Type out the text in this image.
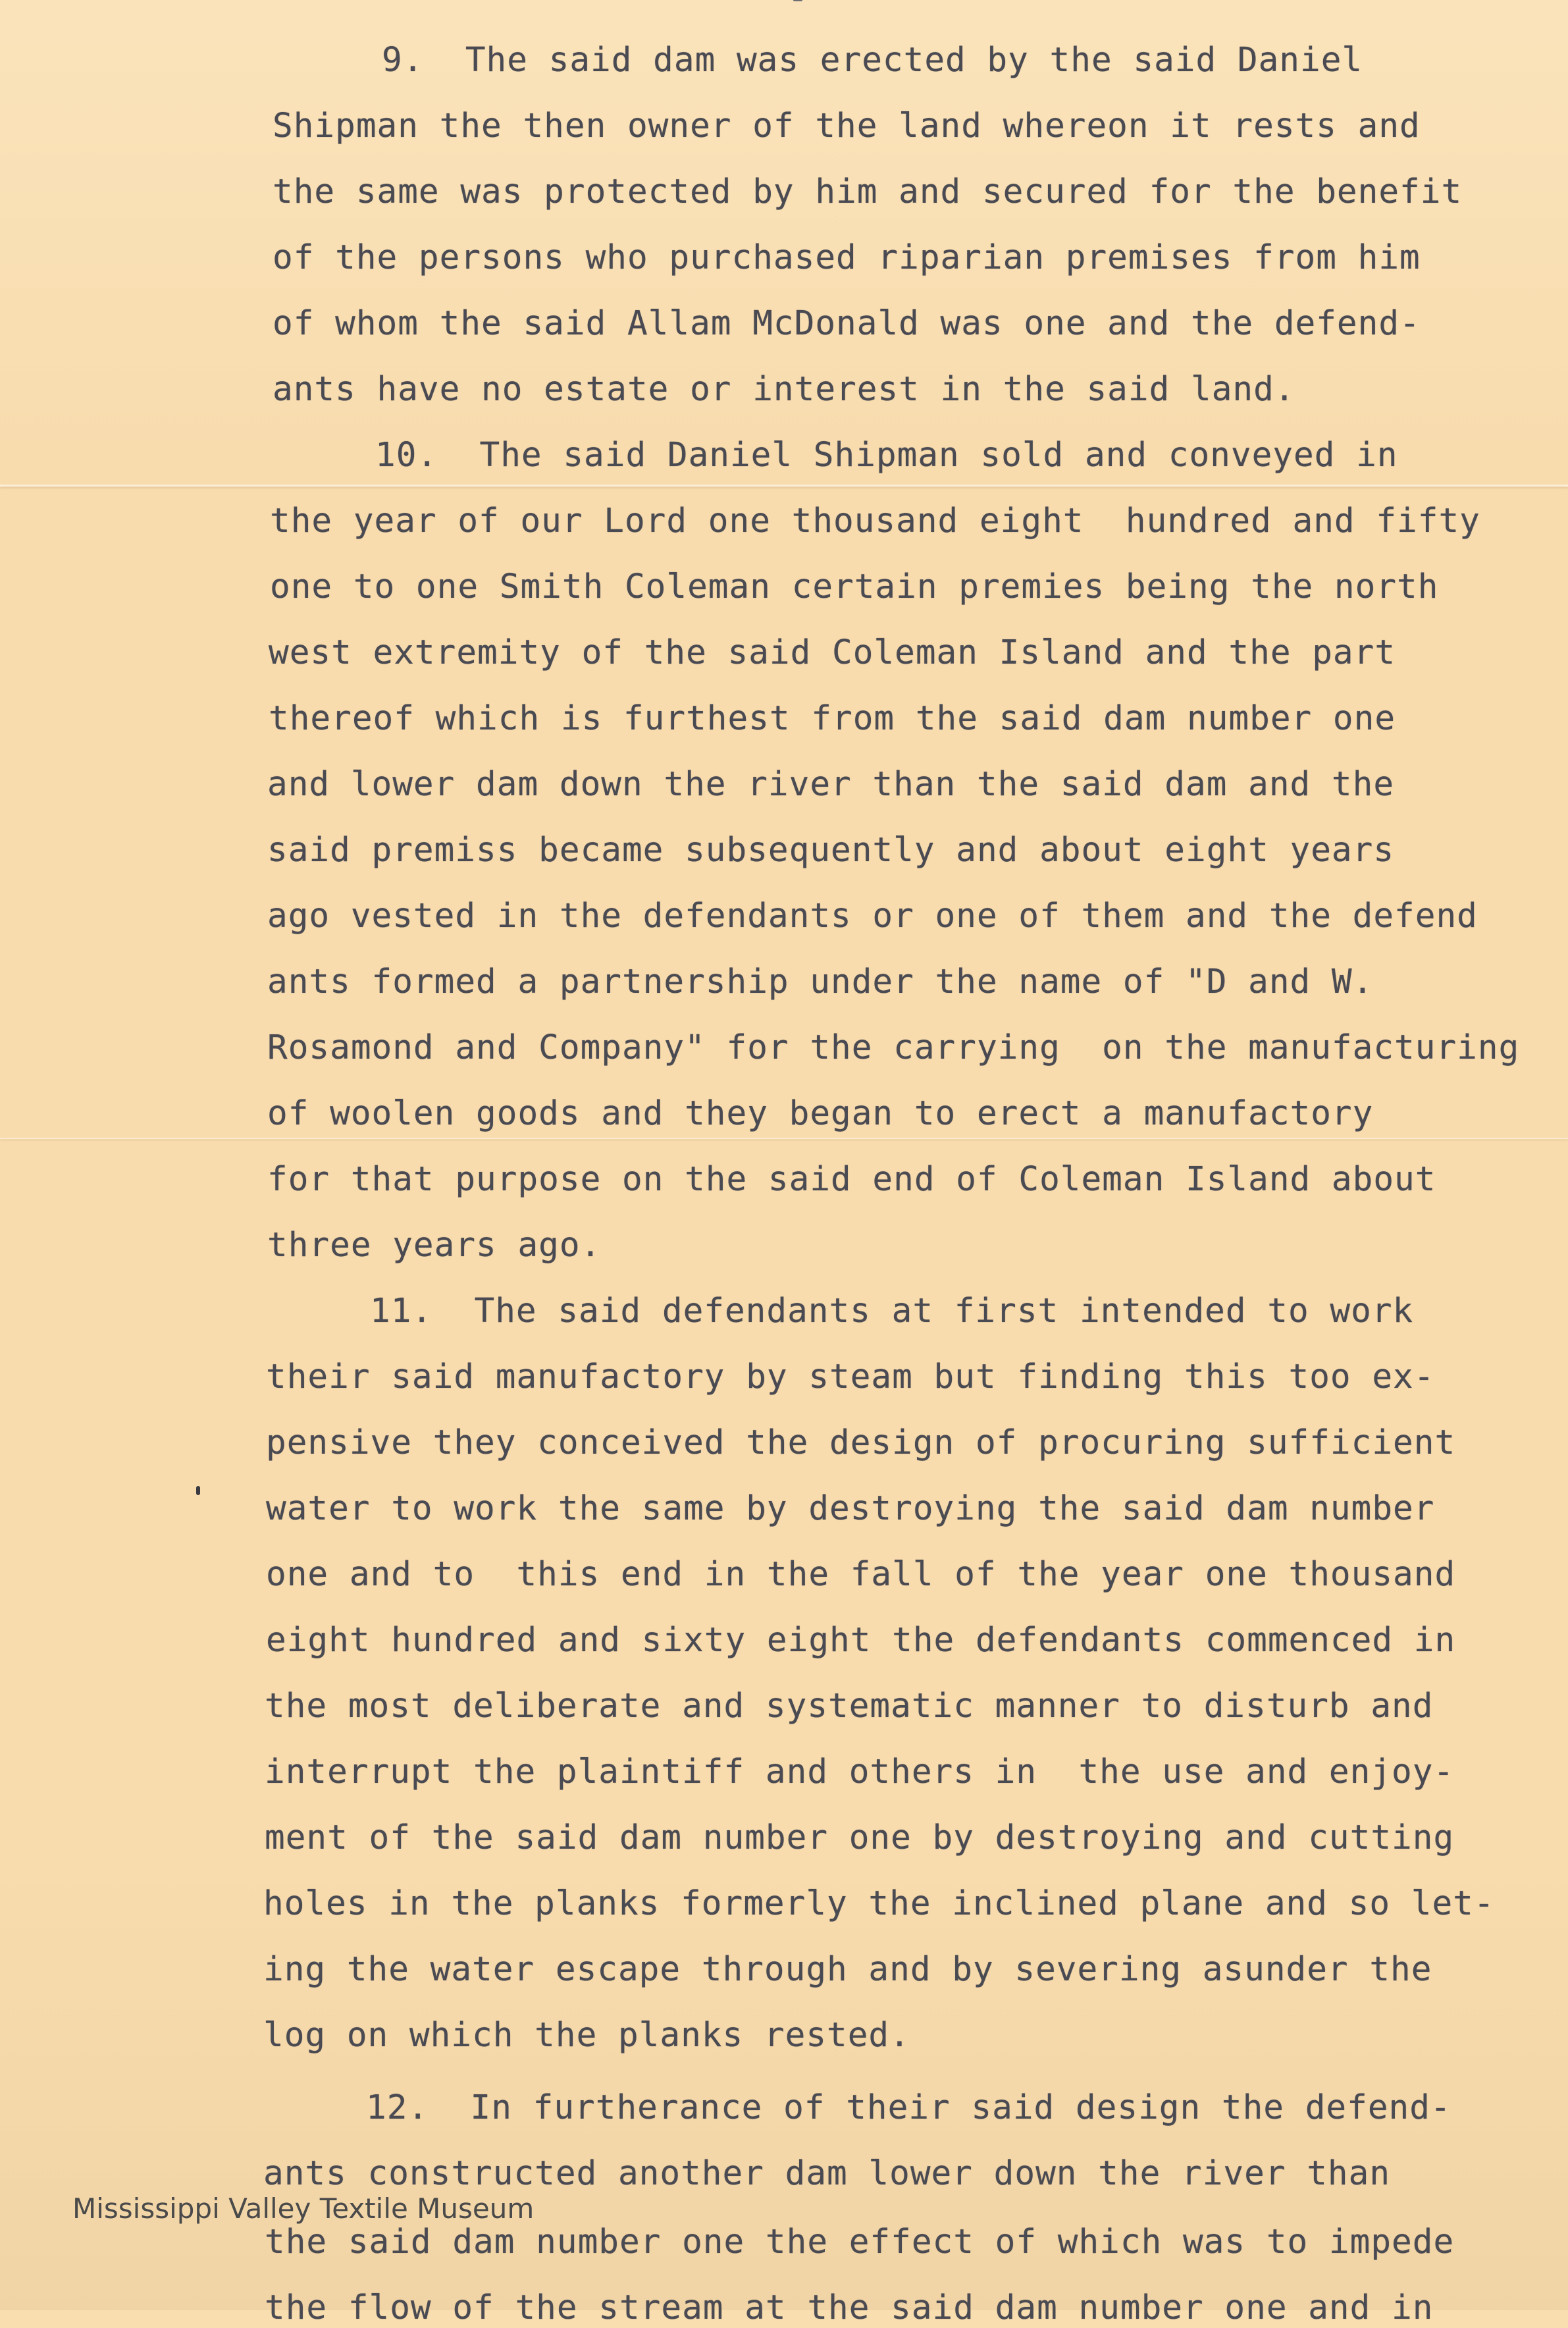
9.  The said dam was erected by the said Daniel
Shipman the then owner of the land whereon it rests and
the same was protected by him and secured for the benefit
of the persons who purchased riparian premises from him
of whom the said Allam McDonald was one and the defend-
ants have no estate or interest in the said land.
10.  The said Daniel Shipman sold and conveyed in
the year of our Lord one thousand eight  hundred and fifty
one to one Smith Coleman certain premies being the north
west extremity of the said Coleman Island and the part
thereof which is furthest from the said dam number one
and lower dam down the river than the said dam and the
said premiss became subsequently and about eight years
ago vested in the defendants or one of them and the defend
ants formed a partnership under the name of "D and W.
Rosamond and Company" for the carrying  on the manufacturing
of woolen goods and they began to erect a manufactory
for that purpose on the said end of Coleman Island about
three years ago.
11.  The said defendants at first intended to work
their said manufactory by steam but finding this too ex-
pensive they conceived the design of procuring sufficient
water to work the same by destroying the said dam number
one and to  this end in the fall of the year one thousand
eight hundred and sixty eight the defendants commenced in
the most deliberate and systematic manner to disturb and
interrupt the plaintiff and others in  the use and enjoy-
ment of the said dam number one by destroying and cutting
holes in the planks formerly the inclined plane and so let-
ing the water escape through and by severing asunder the
log on which the planks rested.
12.  In furtherance of their said design the defend-
ants constructed another dam lower down the river than
the said dam number one the effect of which was to impede
the flow of the stream at the said dam number one and in
Mississippi Valley Textile Museum
